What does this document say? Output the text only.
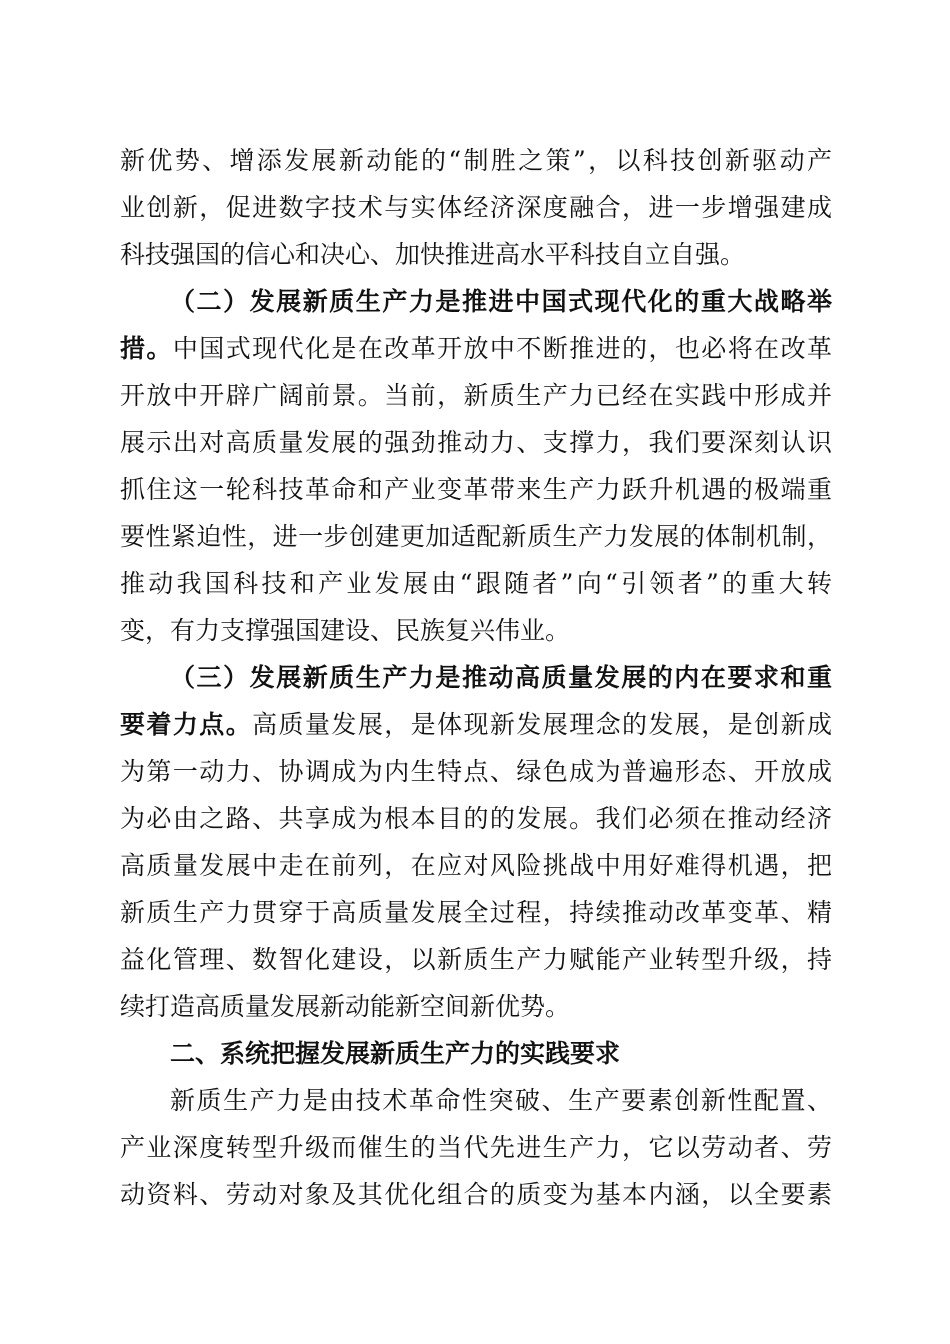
新优势、增添发展新动能的“制胜之策”，以科技创新驱动产
业创新，促进数字技术与实体经济深度融合，进一步增强建成
科技强国的信心和决心、加快推进高水平科技自立自强。
（二）发展新质生产力是推进中国式现代化的重大战略举
措。中国式现代化是在改革开放中不断推进的，也必将在改革
开放中开辟广阔前景。当前，新质生产力已经在实践中形成并
展示出对高质量发展的强劲推动力、支撑力，我们要深刻认识
抓住这一轮科技革命和产业变革带来生产力跃升机遇的极端重
要性紧迫性，进一步创建更加适配新质生产力发展的体制机制，
推动我国科技和产业发展由“跟随者”向“引领者”的重大转
变，有力支撑强国建设、民族复兴伟业。
（三）发展新质生产力是推动高质量发展的内在要求和重
要着力点。高质量发展，是体现新发展理念的发展，是创新成
为第一动力、协调成为内生特点、绿色成为普遍形态、开放成
为必由之路、共享成为根本目的的发展。我们必须在推动经济
高质量发展中走在前列，在应对风险挑战中用好难得机遇，把
新质生产力贯穿于高质量发展全过程，持续推动改革变革、精
益化管理、数智化建设，以新质生产力赋能产业转型升级，持
续打造高质量发展新动能新空间新优势。
二、系统把握发展新质生产力的实践要求
新质生产力是由技术革命性突破、生产要素创新性配置、
产业深度转型升级而催生的当代先进生产力，它以劳动者、劳
动资料、劳动对象及其优化组合的质变为基本内涵，以全要素
